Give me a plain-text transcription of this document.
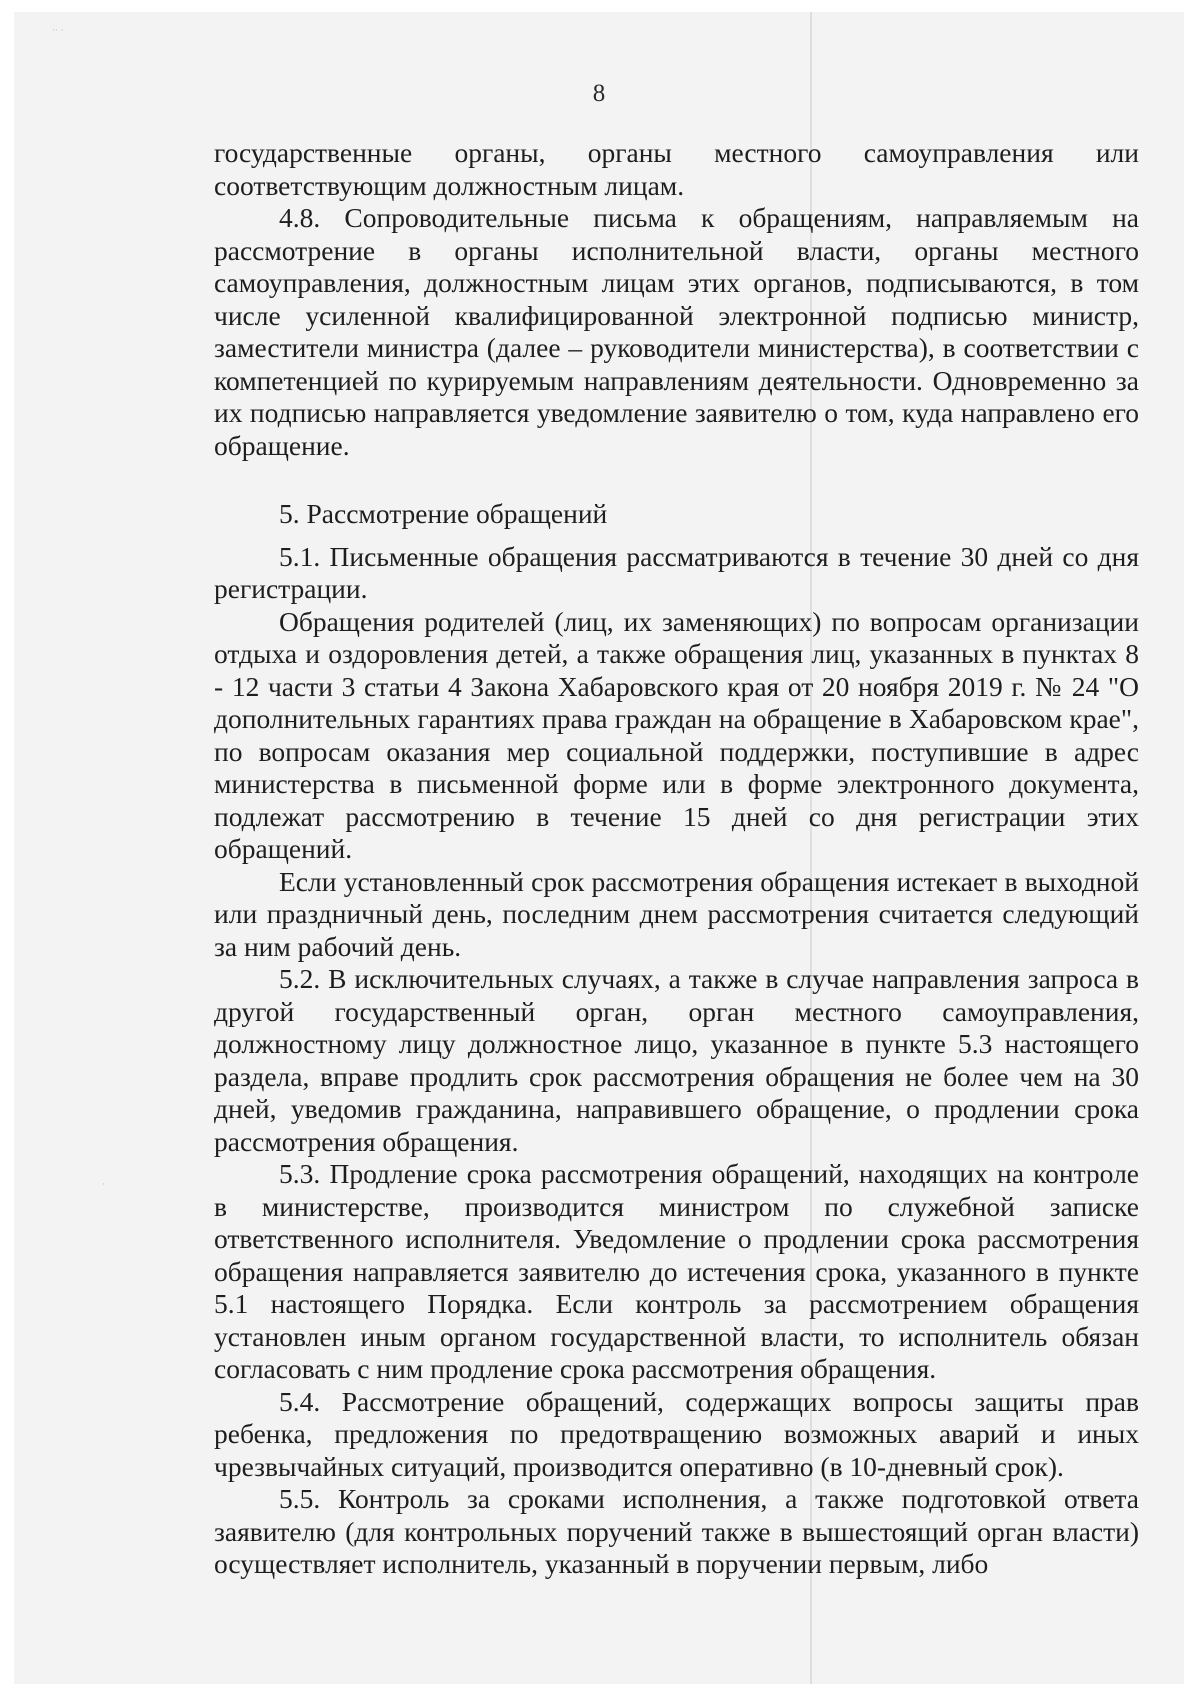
·· ·
·
8

государственные органы, органы местного самоуправления или соответствующим должностным лицам.

4.8. Сопроводительные письма к обращениям, направляемым на рассмотрение в органы исполнительной власти, органы местного самоуправления, должностным лицам этих органов, подписываются, в том числе усиленной квалифицированной электронной подписью министр, заместители министра (далее – руководители министерства), в соответствии с компетенцией по курируемым направлениям деятельности. Одновременно за их подписью направляется уведомление заявителю о том, куда направлено его обращение.

5. Рассмотрение обращений

5.1. Письменные обращения рассматриваются в течение 30 дней со дня регистрации.

Обращения родителей (лиц, их заменяющих) по вопросам организации отдыха и оздоровления детей, а также обращения лиц, указанных в пунктах 8 - 12 части 3 статьи 4 Закона Хабаровского края от 20 ноября 2019 г. № 24 "О дополнительных гарантиях права граждан на обращение в Хабаровском крае", по вопросам оказания мер социальной поддержки, поступившие в адрес министерства в письменной форме или в форме электронного документа, подлежат рассмотрению в течение 15 дней со дня регистрации этих обращений.

Если установленный срок рассмотрения обращения истекает в выходной или праздничный день, последним днем рассмотрения считается следующий за ним рабочий день.

5.2. В исключительных случаях, а также в случае направления запроса в другой государственный орган, орган местного самоуправления, должностному лицу должностное лицо, указанное в пункте 5.3 настоящего раздела, вправе продлить срок рассмотрения обращения не более чем на 30 дней, уведомив гражданина, направившего обращение, о продлении срока рассмотрения обращения.

5.3. Продление срока рассмотрения обращений, находящих на контроле в министерстве, производится министром по служебной записке ответственного исполнителя. Уведомление о продлении срока рассмотрения обращения направляется заявителю до истечения срока, указанного в пункте 5.1 настоящего Порядка. Если контроль за рассмотрением обращения установлен иным органом государственной власти, то исполнитель обязан согласовать с ним продление срока рассмотрения обращения.

5.4. Рассмотрение обращений, содержащих вопросы защиты прав ребенка, предложения по предотвращению возможных аварий и иных чрезвычайных ситуаций, производится оперативно (в 10-дневный срок).

5.5. Контроль за сроками исполнения, а также подготовкой ответа заявителю (для контрольных поручений также в вышестоящий орган власти) осуществляет исполнитель, указанный в поручении первым, либо
